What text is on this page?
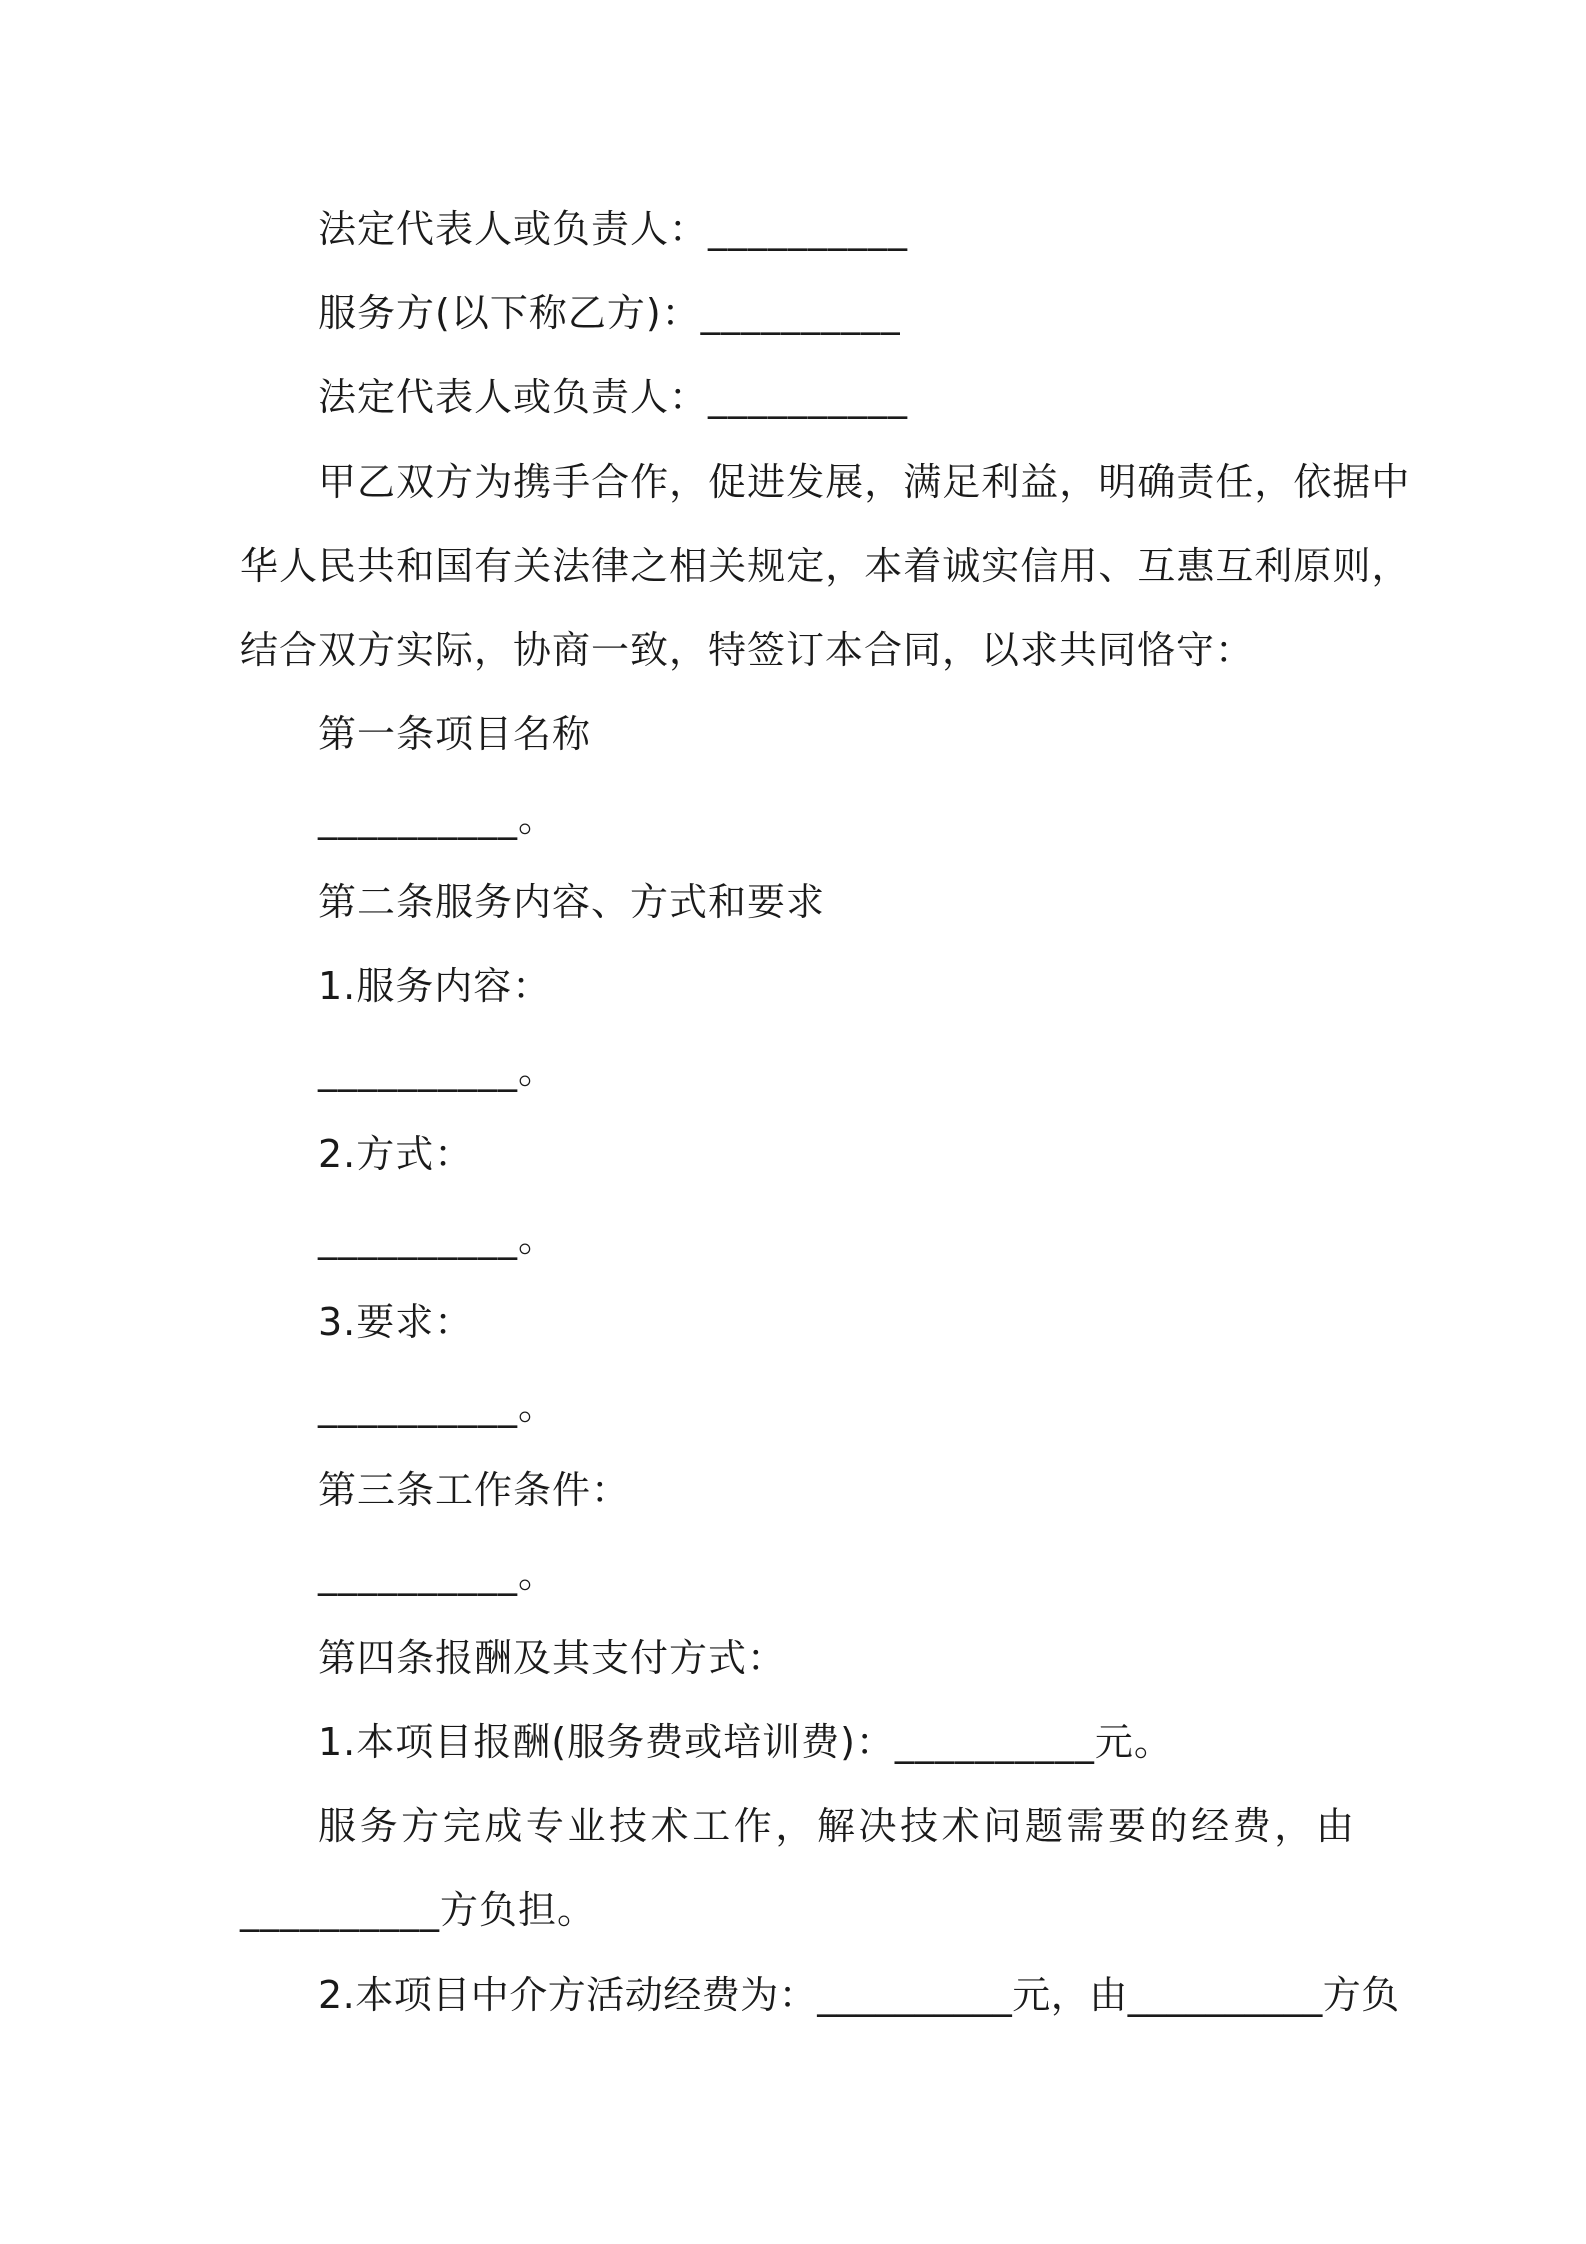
法定代表人或负责人：__________
服务方(以下称乙方)：__________
法定代表人或负责人：__________
甲 乙 双 方 为 携 手 合 作 ， 促 进 发 展 ， 满 足 利 益 ， 明 确 责 任 ， 依 据 中
华 人 民 共 和 国 有 关 法 律 之 相 关 规 定 ， 本 着 诚 实 信 用 、 互 惠 互 利 原 则 ，
结合双方实际，协商一致，特签订本合同，以求共同恪守：
第一条项目名称
__________。
第二条服务内容、方式和要求
1.服务内容：
__________。
2.方式：
__________。
3.要求：
__________。
第三条工作条件：
__________。
第四条报酬及其支付方式：
1.本项目报酬(服务费或培训费)：__________元。
服 务 方 完 成 专 业 技 术 工 作 ， 解 决 技 术 问 题 需 要 的 经 费 ， 由
__________方负担。
2.本项目中介方活动经费为：__________元，由__________方负
